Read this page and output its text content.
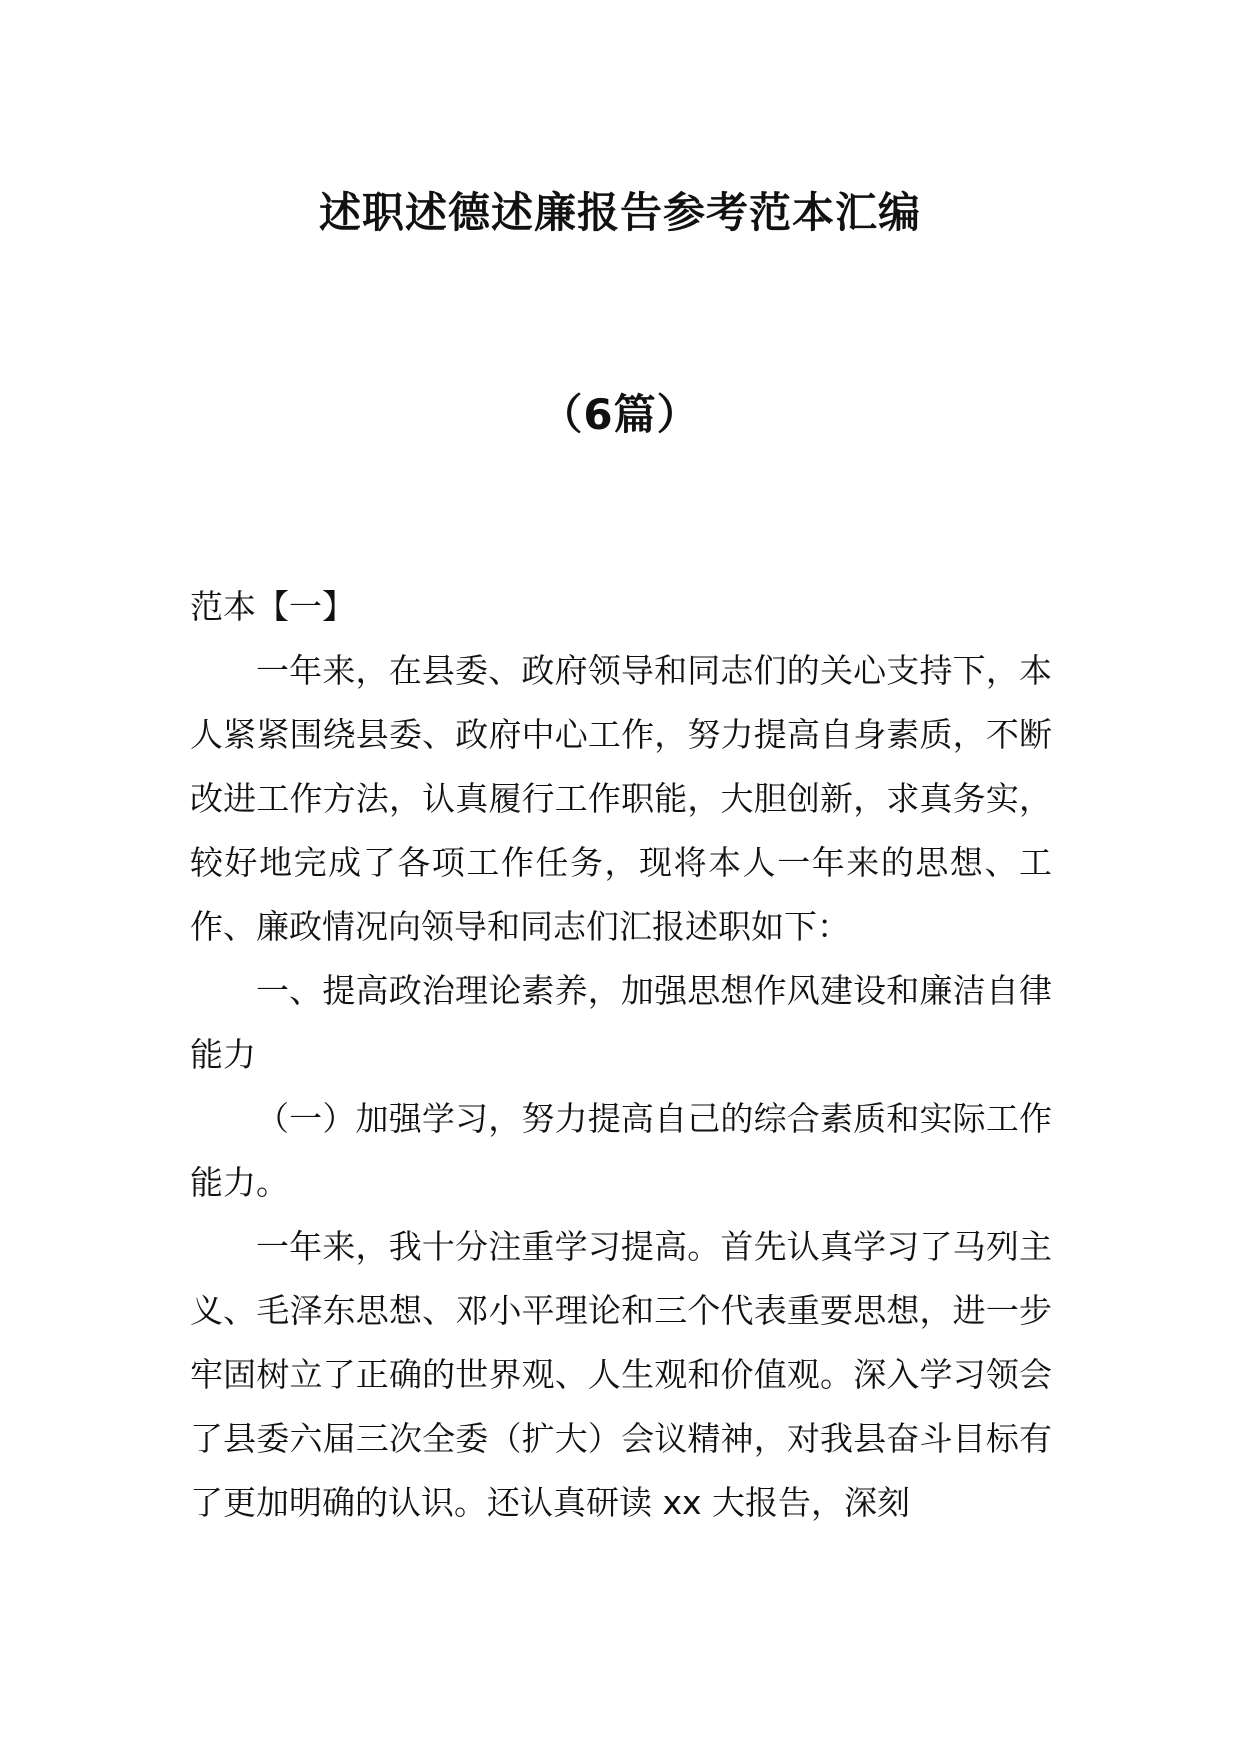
述职述德述廉报告参考范本汇编
（6篇）

范本【一】

一年来，在县委、政府领导和同志们的关心支持下，本人紧紧围绕县委、政府中心工作，努力提高自身素质，不断改进工作方法，认真履行工作职能，大胆创新，求真务实，较好地完成了各项工作任务，现将本人一年来的思想、工作、廉政情况向领导和同志们汇报述职如下：

一、提高政治理论素养，加强思想作风建设和廉洁自律能力

（一）加强学习，努力提高自己的综合素质和实际工作能力。

一年来，我十分注重学习提高。首先认真学习了马列主义、毛泽东思想、邓小平理论和三个代表重要思想，进一步牢固树立了正确的世界观、人生观和价值观。深入学习领会了县委六届三次全委（扩大）会议精神，对我县奋斗目标有了更加明确的认识。还认真研读 xx 大报告，深刻
